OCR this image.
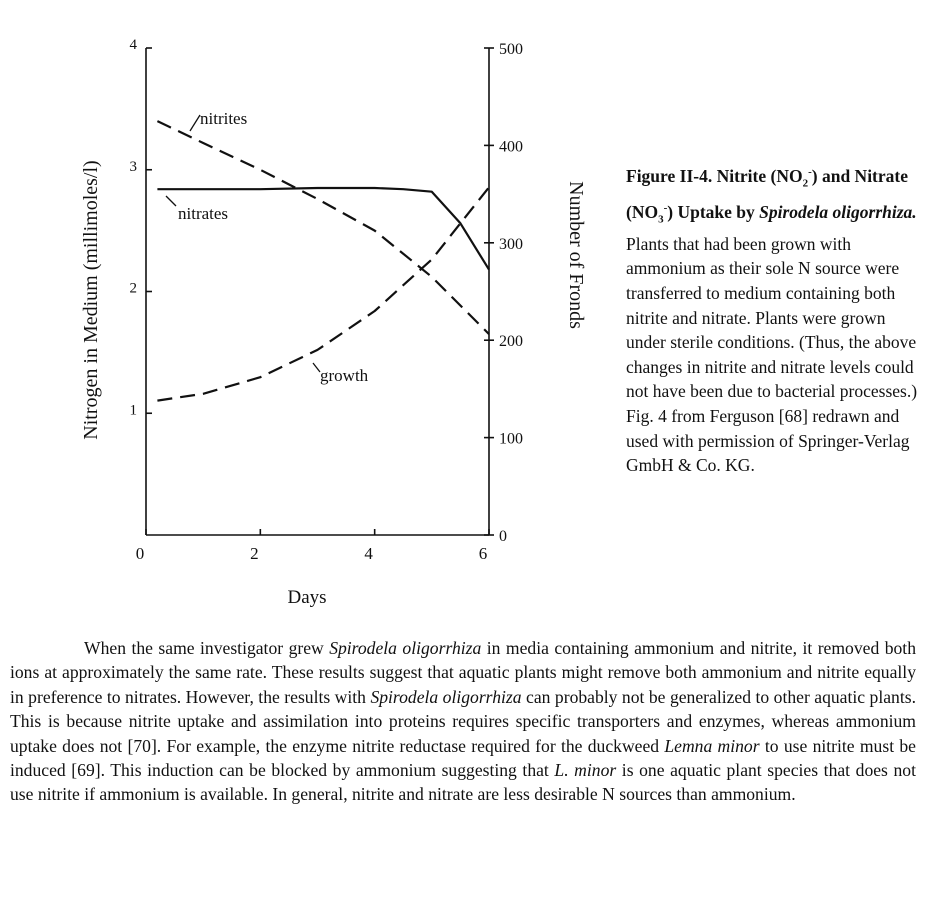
0	2	4	6
1
2
3
4
0
100
200
300
400
500
Days
Nitrogen in Medium (millimoles/l)	Number of Fronds
nitrites
nitrates
growth
Figure II-4. Nitrite $(NO_2^-)$ and Nitrate $(NO_3^-)$ Uptake by Spirodela oligorrhiza. Plants that had been grown with ammonium as their sole N source were transferred to medium containing both nitrite and nitrate. Plants were grown under sterile conditions. (Thus, the above changes in nitrite and nitrate levels could not have been due to bacterial processes.) Fig. 4 from Ferguson [68] redrawn and used with permission of Springer-Verlag GmbH & Co. KG.

When the same investigator grew Spirodela oligorrhiza in media containing ammonium and nitrite, it removed both ions at approximately the same rate. These results suggest that aquatic plants might remove both ammonium and nitrite equally in preference to nitrates. However, the results with Spirodela oligorrhiza can probably not be generalized to other aquatic plants. This is because nitrite uptake and assimilation into proteins requires specific transporters and enzymes, whereas ammonium uptake does not [70]. For example, the enzyme nitrite reductase required for the duckweed Lemna minor to use nitrite must be induced [69]. This induction can be blocked by ammonium suggesting that L. minor is one aquatic plant species that does not use nitrite if ammonium is available. In general, nitrite and nitrate are less desirable N sources than ammonium.
